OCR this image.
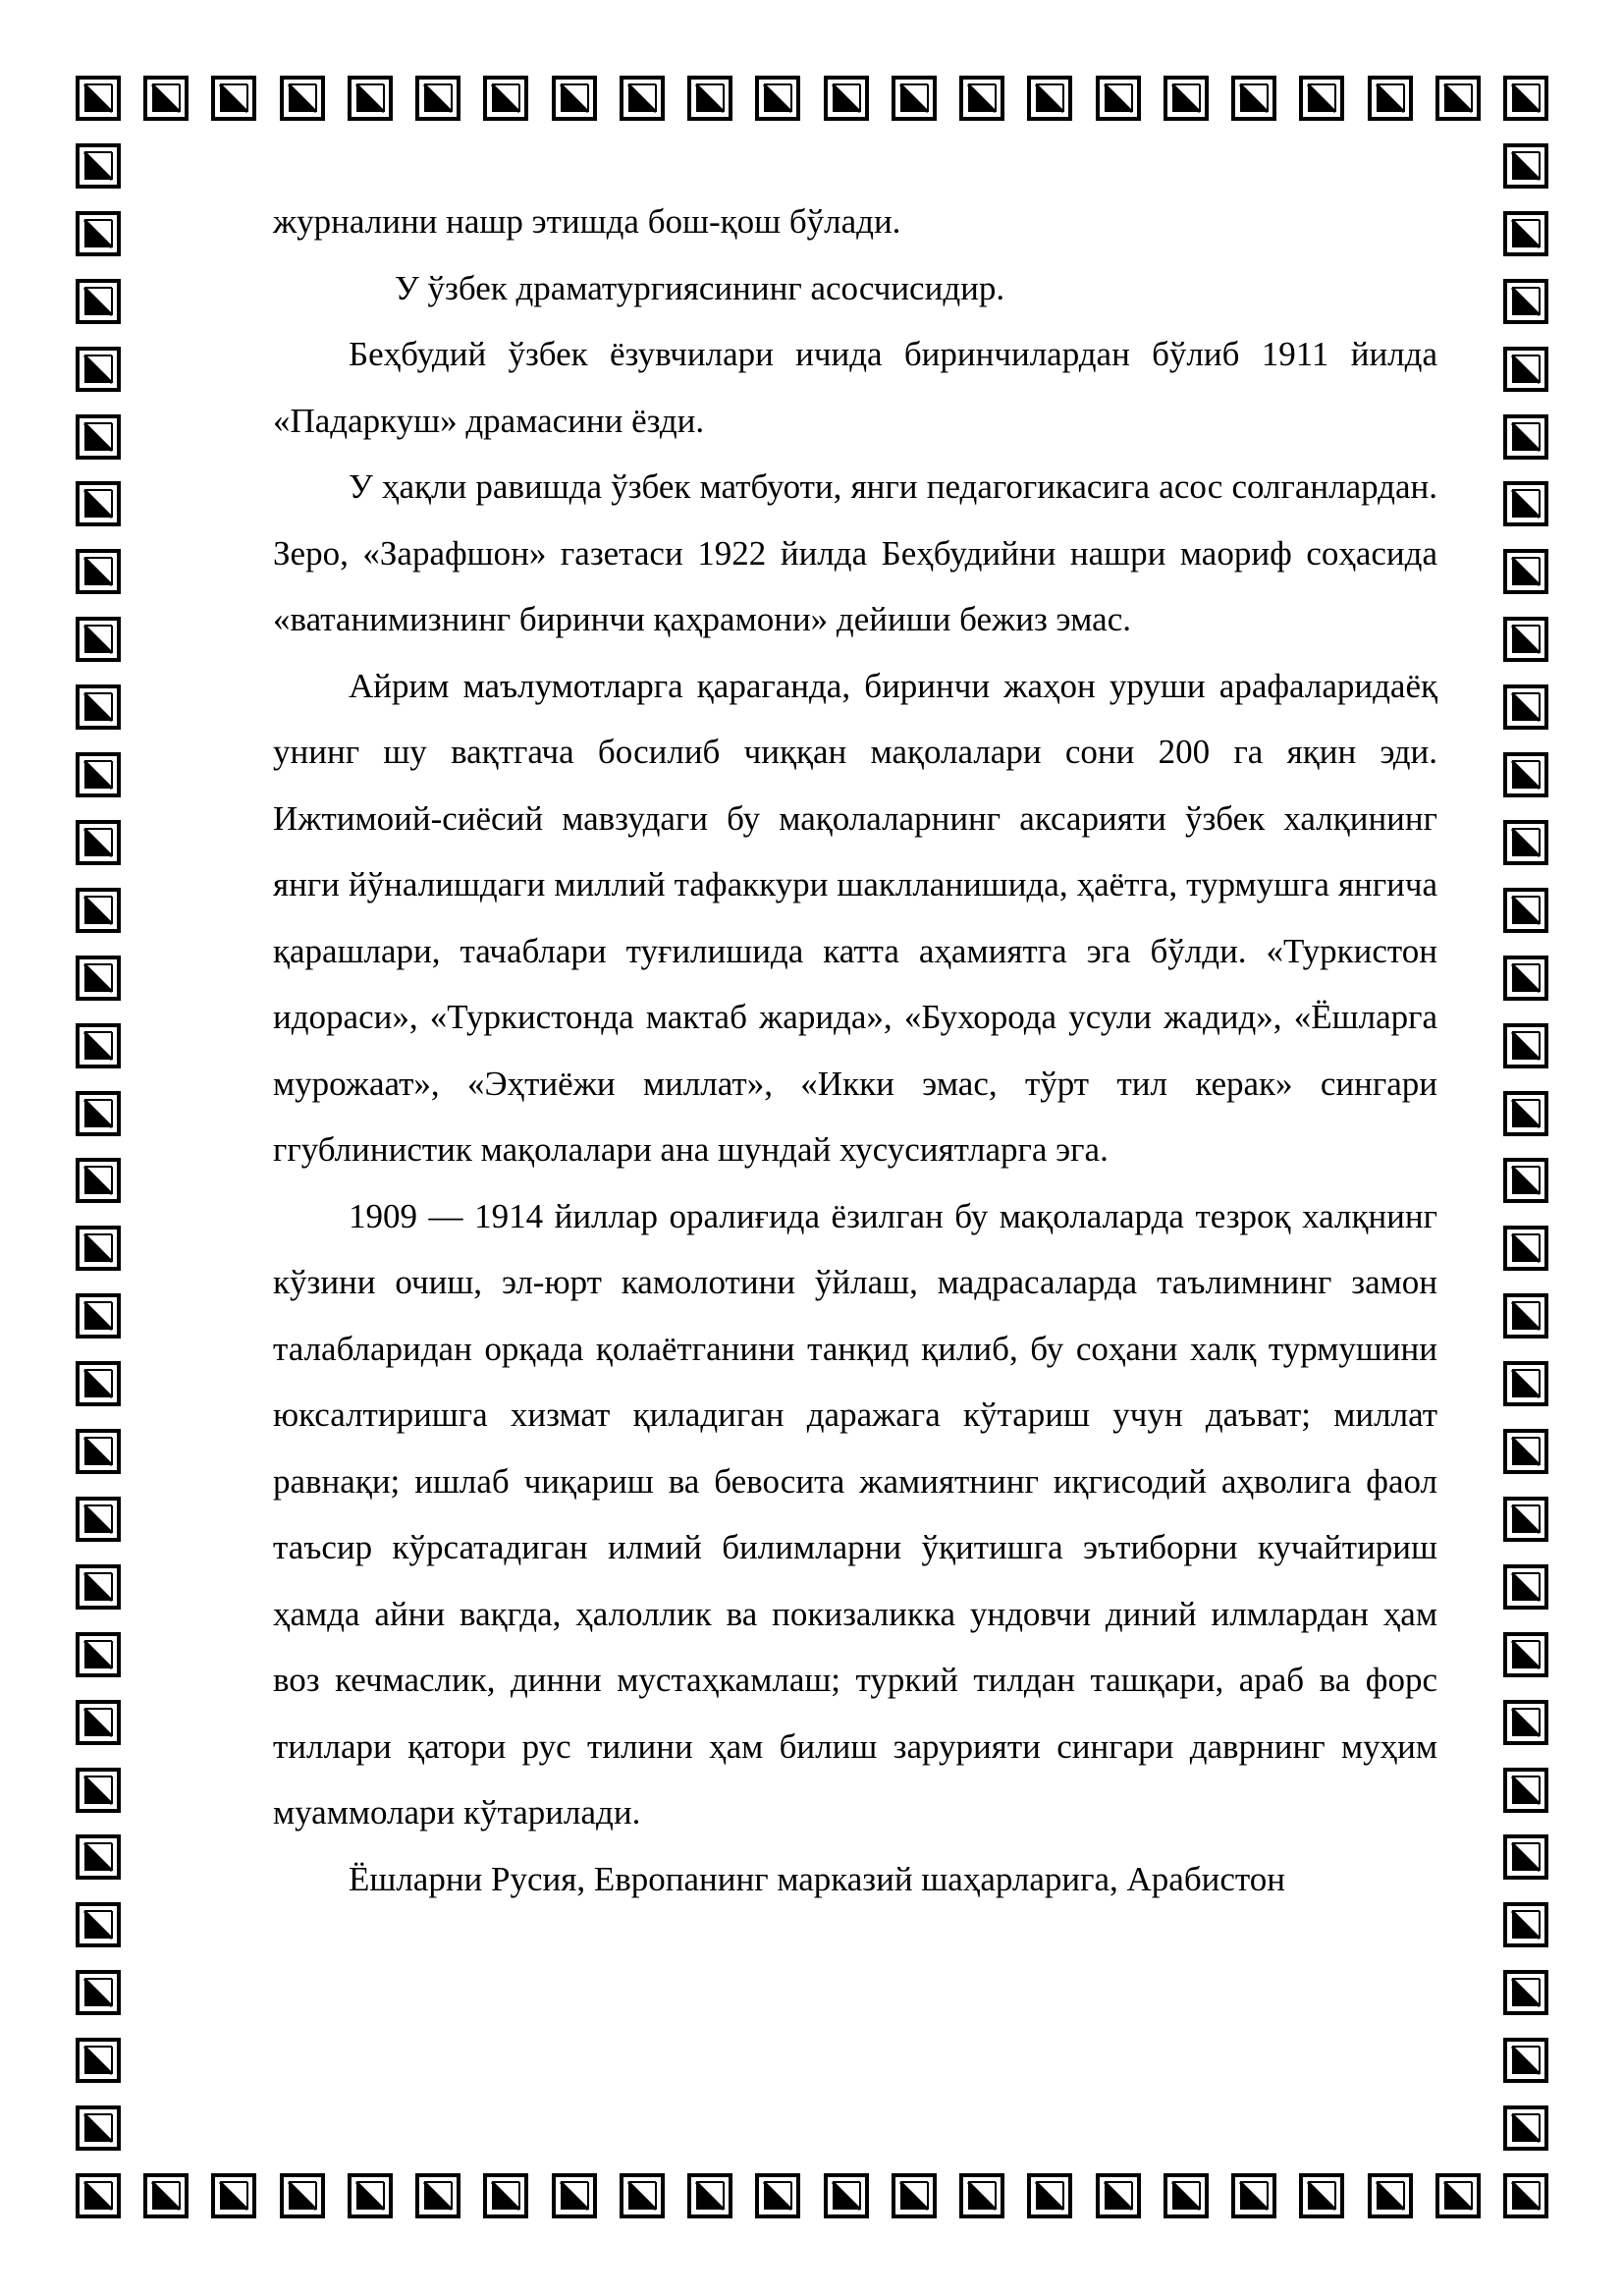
журналини нашр этишда бош-қош бўлади.

У ўзбек драматургиясининг асосчисидир.

Беҳбудий ўзбек ёзувчилари ичида биринчилардан бўлиб 1911 йилда «Падаркуш» драмасини ёзди.

У ҳақли равишда ўзбек матбуоти, янги педагогикасига асос солганлардан. Зеро, «Зарафшон» газетаси 1922 йилда Беҳбудийни нашри маориф соҳасида «ватанимизнинг биринчи қаҳрамони» дейиши бежиз эмас.

Айрим маълумотларга қараганда, биринчи жаҳон уруши арафаларидаёқ унинг шу вақтгача босилиб чиққан мақолалари сони 200 га яқин эди. Ижтимоий-сиёсий мавзудаги бу мақолаларнинг аксарияти ўзбек халқининг янги йўналишдаги миллий тафаккури шаклланишида, ҳаётга, турмушга янгича қарашлари, тачаблари туғилишида катта аҳамиятга эга бўлди. «Туркистон идораси», «Туркистонда мактаб жарида», «Бухорода усули жадид», «Ёшларга мурожаат», «Эҳтиёжи миллат», «Икки эмас, тўрт тил керак» сингари ггублинистик мақолалари ана шундай хусусиятларга эга.

1909 — 1914 йиллар оралиғида ёзилган бу мақолаларда тезроқ халқнинг кўзини очиш, эл-юрт камолотини ўйлаш, мадрасаларда таълимнинг замон талабларидан орқада қолаётганини танқид қилиб, бу соҳани халқ турмушини юксалтиришга хизмат қиладиган даражага кўтариш учун даъват; миллат равнақи; ишлаб чиқариш ва бевосита жамиятнинг иқгисодий аҳволига фаол таъсир кўрсатадиган илмий билимларни ўқитишга эътиборни кучайтириш ҳамда айни вақгда, ҳалоллик ва покизаликка ундовчи диний илмлардан ҳам воз кечмаслик, динни мустаҳкамлаш; туркий тилдан ташқари, араб ва форс тиллари қатори рус тилини ҳам билиш зарурияти сингари даврнинг муҳим муаммолари кўтарилади.

Ёшларни Русия, Европанинг марказий шаҳарларига, Арабистон
